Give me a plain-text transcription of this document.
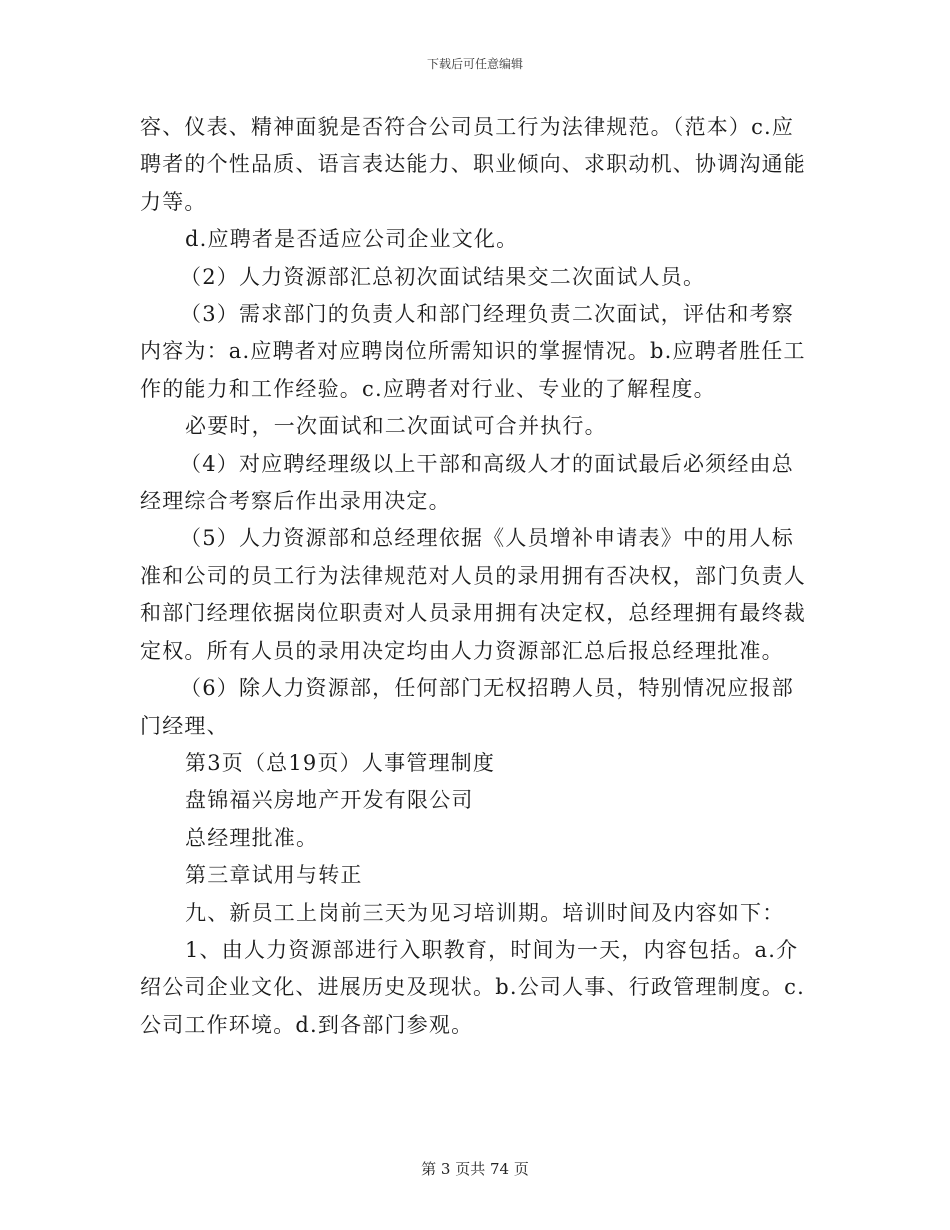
下载后可任意编辑

容、仪表、精神面貌是否符合公司员工行为法律规范。（范本）c.应聘者的个性品质、语言表达能力、职业倾向、求职动机、协调沟通能力等。

d.应聘者是否适应公司企业文化。

（2）人力资源部汇总初次面试结果交二次面试人员。

（3）需求部门的负责人和部门经理负责二次面试，评估和考察内容为：a.应聘者对应聘岗位所需知识的掌握情况。b.应聘者胜任工作的能力和工作经验。c.应聘者对行业、专业的了解程度。

必要时，一次面试和二次面试可合并执行。

（4）对应聘经理级以上干部和高级人才的面试最后必须经由总经理综合考察后作出录用决定。

（5）人力资源部和总经理依据《人员增补申请表》中的用人标准和公司的员工行为法律规范对人员的录用拥有否决权，部门负责人和部门经理依据岗位职责对人员录用拥有决定权，总经理拥有最终裁定权。所有人员的录用决定均由人力资源部汇总后报总经理批准。

（6）除人力资源部，任何部门无权招聘人员，特别情况应报部门经理、

第3页（总19页）人事管理制度

盘锦福兴房地产开发有限公司

总经理批准。

第三章试用与转正

九、新员工上岗前三天为见习培训期。培训时间及内容如下：

1、由人力资源部进行入职教育，时间为一天，内容包括。a.介绍公司企业文化、进展历史及现状。b.公司人事、行政管理制度。c.公司工作环境。d.到各部门参观。

第 3 页共 74 页
